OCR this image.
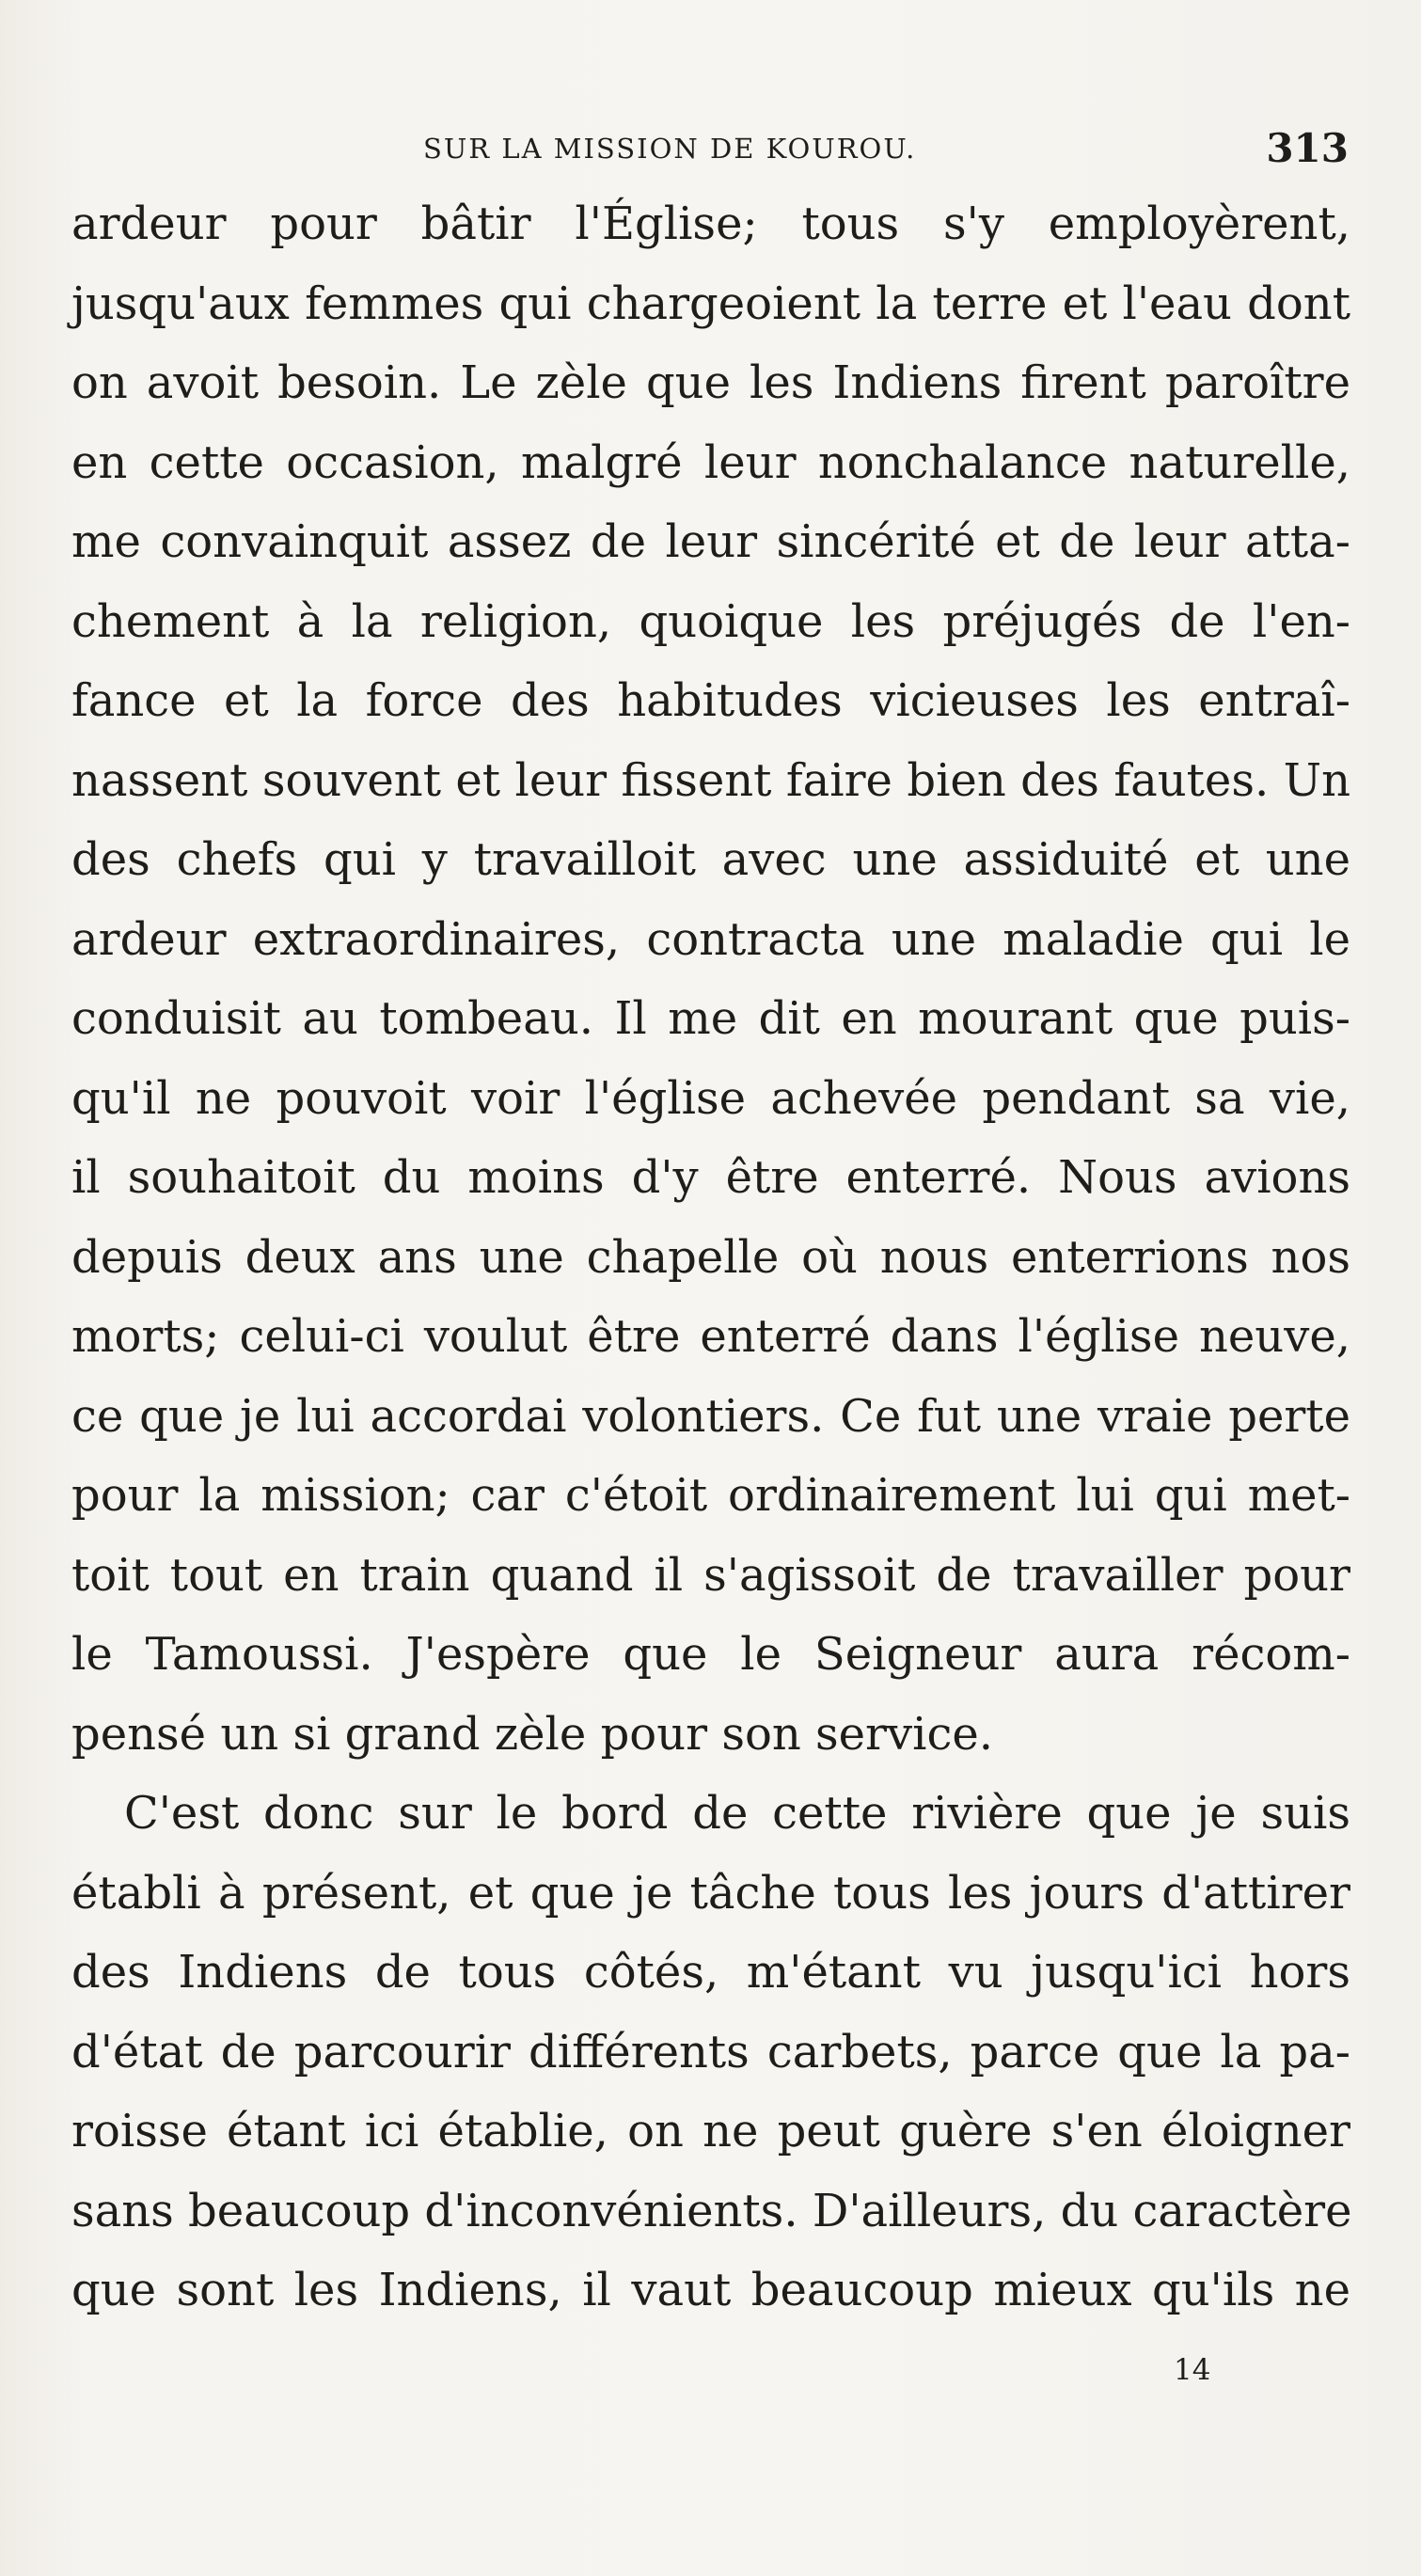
SUR LA MISSION DE KOUROU.	313
ardeur pour bâtir l'Église; tous s'y employèrent,
jusqu'aux femmes qui chargeoient la terre et l'eau dont
on avoit besoin. Le zèle que les Indiens firent paroître
en cette occasion, malgré leur nonchalance naturelle,
me convainquit assez de leur sincérité et de leur atta-
chement à la religion, quoique les préjugés de l'en-
fance et la force des habitudes vicieuses les entraî-
nassent souvent et leur fissent faire bien des fautes. Un
des chefs qui y travailloit avec une assiduité et une
ardeur extraordinaires, contracta une maladie qui le
conduisit au tombeau. Il me dit en mourant que puis-
qu'il ne pouvoit voir l'église achevée pendant sa vie,
il souhaitoit du moins d'y être enterré. Nous avions
depuis deux ans une chapelle où nous enterrions nos
morts; celui-ci voulut être enterré dans l'église neuve,
ce que je lui accordai volontiers. Ce fut une vraie perte
pour la mission; car c'étoit ordinairement lui qui met-
toit tout en train quand il s'agissoit de travailler pour
le Tamoussi. J'espère que le Seigneur aura récom-
pensé un si grand zèle pour son service.
C'est donc sur le bord de cette rivière que je suis
établi à présent, et que je tâche tous les jours d'attirer
des Indiens de tous côtés, m'étant vu jusqu'ici hors
d'état de parcourir différents carbets, parce que la pa-
roisse étant ici établie, on ne peut guère s'en éloigner
sans beaucoup d'inconvénients. D'ailleurs, du caractère
que sont les Indiens, il vaut beaucoup mieux qu'ils ne
14
